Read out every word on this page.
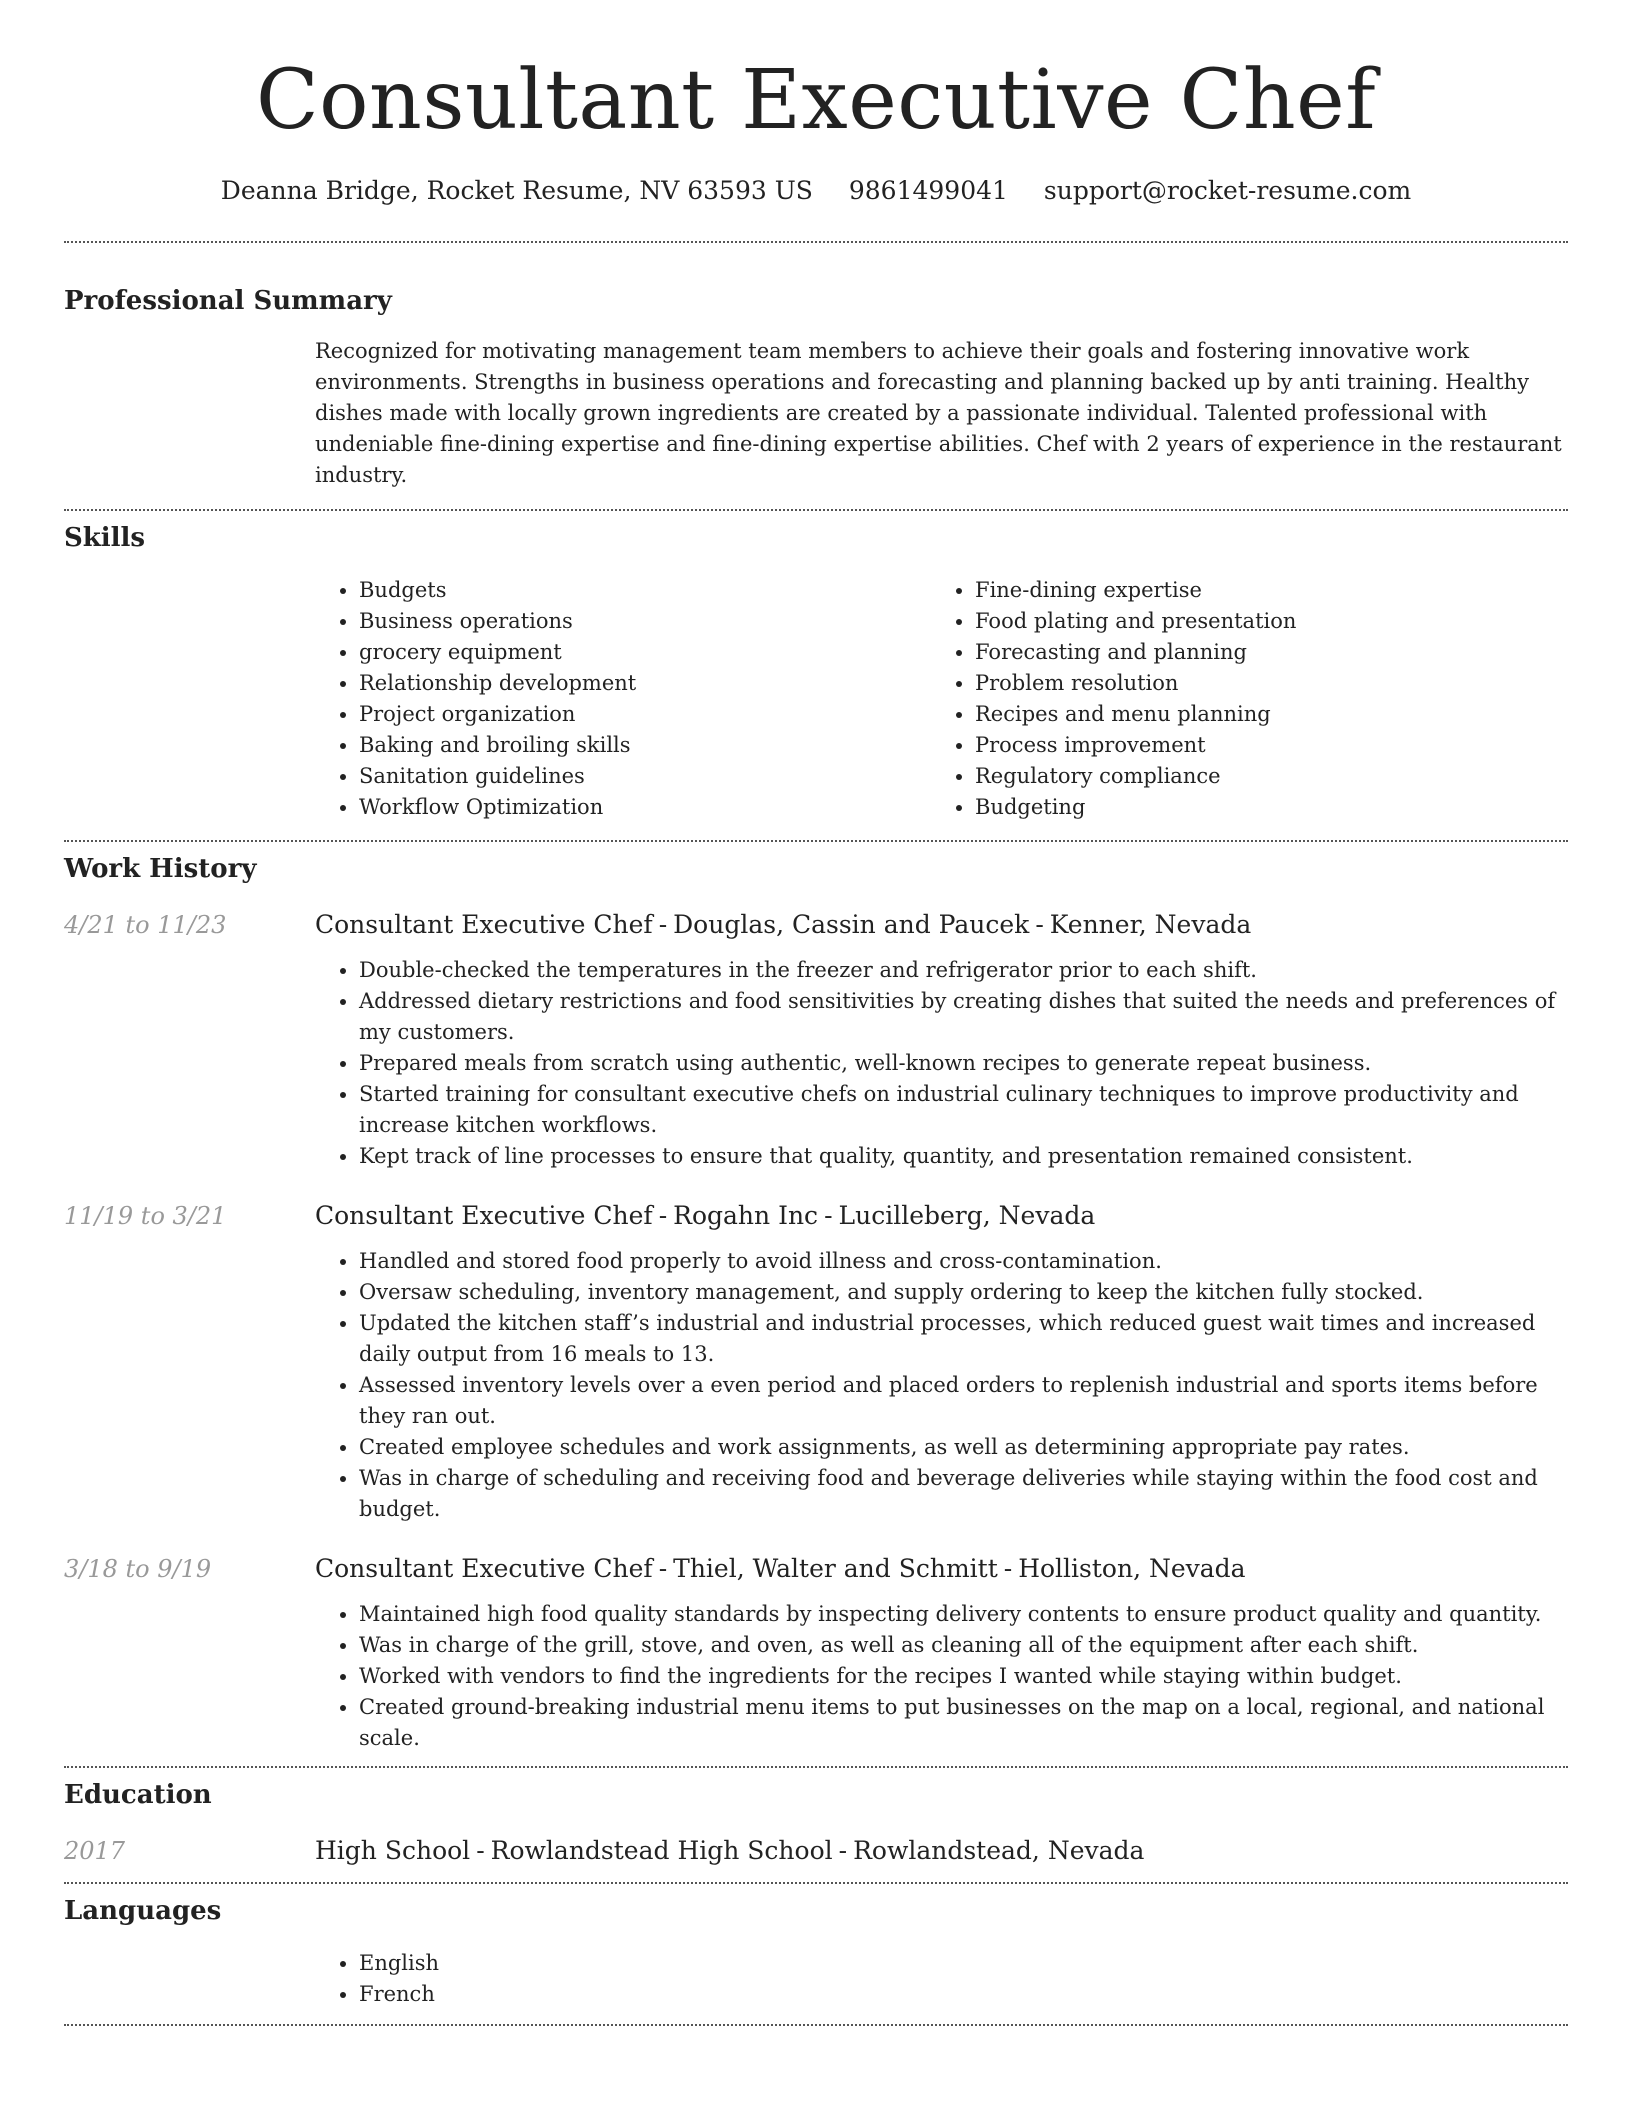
Consultant Executive Chef
Deanna Bridge, Rocket Resume, NV 63593 US 9861499041 support@rocket-resume.com
Professional Summary

Recognized for motivating management team members to achieve their goals and fostering innovative work environments. Strengths in business operations and forecasting and planning backed up by anti training. Healthy dishes made with locally grown ingredients are created by a passionate individual. Talented professional with undeniable fine-dining expertise and fine-dining expertise abilities. Chef with 2 years of experience in the restaurant industry.

Skills
• Budgets
• Business operations
• grocery equipment
• Relationship development
• Project organization
• Baking and broiling skills
• Sanitation guidelines
• Workflow Optimization
• Fine-dining expertise
• Food plating and presentation
• Forecasting and planning
• Problem resolution
• Recipes and menu planning
• Process improvement
• Regulatory compliance
• Budgeting
Work History
4/21 to 11/23	Consultant Executive Chef - Douglas, Cassin and Paucek - Kenner, Nevada
• Double-checked the temperatures in the freezer and refrigerator prior to each shift.
• Addressed dietary restrictions and food sensitivities by creating dishes that suited the needs and preferences of my customers.
• Prepared meals from scratch using authentic, well-known recipes to generate repeat business.
• Started training for consultant executive chefs on industrial culinary techniques to improve productivity and increase kitchen workflows.
• Kept track of line processes to ensure that quality, quantity, and presentation remained consistent.
11/19 to 3/21	Consultant Executive Chef - Rogahn Inc - Lucilleberg, Nevada
• Handled and stored food properly to avoid illness and cross-contamination.
• Oversaw scheduling, inventory management, and supply ordering to keep the kitchen fully stocked.
• Updated the kitchen staff’s industrial and industrial processes, which reduced guest wait times and increased daily output from 16 meals to 13.
• Assessed inventory levels over a even period and placed orders to replenish industrial and sports items before they ran out.
• Created employee schedules and work assignments, as well as determining appropriate pay rates.
• Was in charge of scheduling and receiving food and beverage deliveries while staying within the food cost and budget.
3/18 to 9/19	Consultant Executive Chef - Thiel, Walter and Schmitt - Holliston, Nevada
• Maintained high food quality standards by inspecting delivery contents to ensure product quality and quantity.
• Was in charge of the grill, stove, and oven, as well as cleaning all of the equipment after each shift.
• Worked with vendors to find the ingredients for the recipes I wanted while staying within budget.
• Created ground-breaking industrial menu items to put businesses on the map on a local, regional, and national scale.
Education
2017	High School - Rowlandstead High School - Rowlandstead, Nevada
Languages
• English
• French
